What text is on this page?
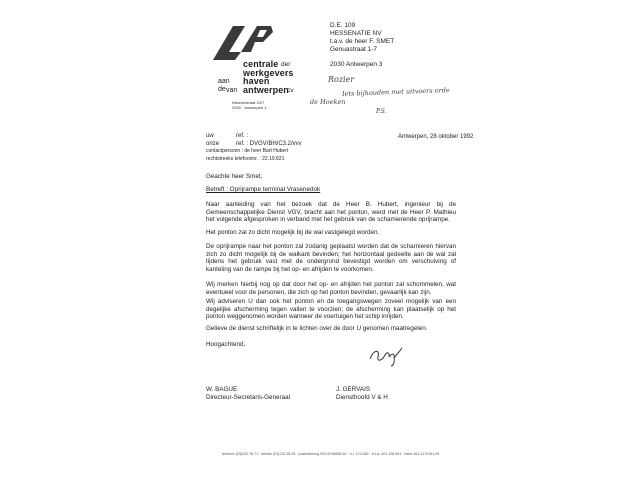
centrale der
werkgevers
aan de
haven
van antwerpen
cv
Nieuwestraat 10/7
2000 · antwerpen 1
D.E. 109
HESSENATIE NV
t.a.v. de heer F. SMET
Genuastraat 1-7
2030 Antwerpen 3
Rozier
Iets bijhouden met uitvoers orde
de Hoeken
P.S.
uw	ref. :
onze	ref. : DVGV/BH/C3.2/vvv
contactpersoon : de heer Bart Hubert
rechtstreeks telefoonnr. : 22.19.821
Antwerpen, 28 oktober 1992
Geachte heer Smet,
Betreft : Oprijrampe terminal Vrasenedok
Naar aanleiding van het bezoek dat de Heer B. Hubert, ingenieur bij de Gemeenschappelijke Dienst VGV, bracht aan het ponton, werd met de Heer P. Mathieu het volgende afgesproken in verband met het gebruik van de schamierende oprijrampe.
Het ponton zal zo dicht mogelijk bij de wal vastgelegd worden.
De oprijrampe naar het ponton zal zodanig geplaatst worden dat de scharnieren hiervan zich zo dicht mogelijk bij de walkant bevinden; het horizontaal gedeelte aan de wal zal tijdens het gebruik vast met de ondergrond bevestigd worden om verschuiving of kanteling van de rampe bij het op- en afrijden te voorkomen.
Wij merken hierbij nog op dat door het op- en afrijden het ponton zal schommelen, wat eventueel voor de personen, die zich op het ponton bevinden, gevaarlijk kan zijn.
Wij adviseren U dan ook het ponton en de toegangswegen zoveel mogelijk van een degelijke afscherming tegen vallen te voorzien; de afscherming kan plaatselijk op het ponton weggenomen worden wanneer de voertuigen het schip inrijden.
Gelieve de dienst schriftelijk in te lichten over de door U genomen maatregelen.
Hoogachtend,
W. BAGUE
Directeur-Secretaris-Generaal
J. GERVAIS
Diensthoofd V & H
telefoon (03)232.78.71 · telefax (03)232.38.28 · postrekening 000-0018658-52 · h.r. 170.462 · b.t.w. 401.106.661 · bank 404-1170151-09
